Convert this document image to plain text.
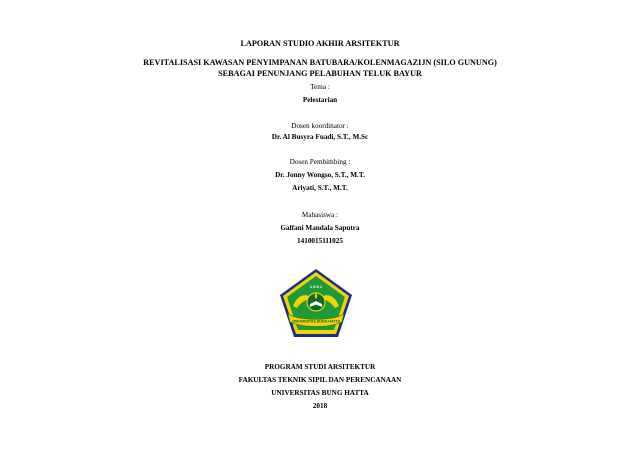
LAPORAN STUDIO AKHIR ARSITEKTUR
REVITALISASI KAWASAN PENYIMPANAN BATUBARA/KOLENMAGAZIJN (SILO GUNUNG)
SEBAGAI PENUNJANG PELABUHAN TELUK BAYUR
Tema :
Pelestarian
Dosen koordinator :
Dr. Al Busyra Fuadi, S.T., M.Sc
Dosen Pembimbing :
Dr. Jonny Wongso, S.T., M.T.
Ariyati, S.T., M.T.
Mahasiswa :
Galfani Mandala Saputra
1410015111025
1 9 8 1
UNIVERSITAS BUNG HATTA
PROGRAM STUDI ARSITEKTUR
FAKULTAS TEKNIK SIPIL DAN PERENCANAAN
UNIVERSITAS BUNG HATTA
2018
